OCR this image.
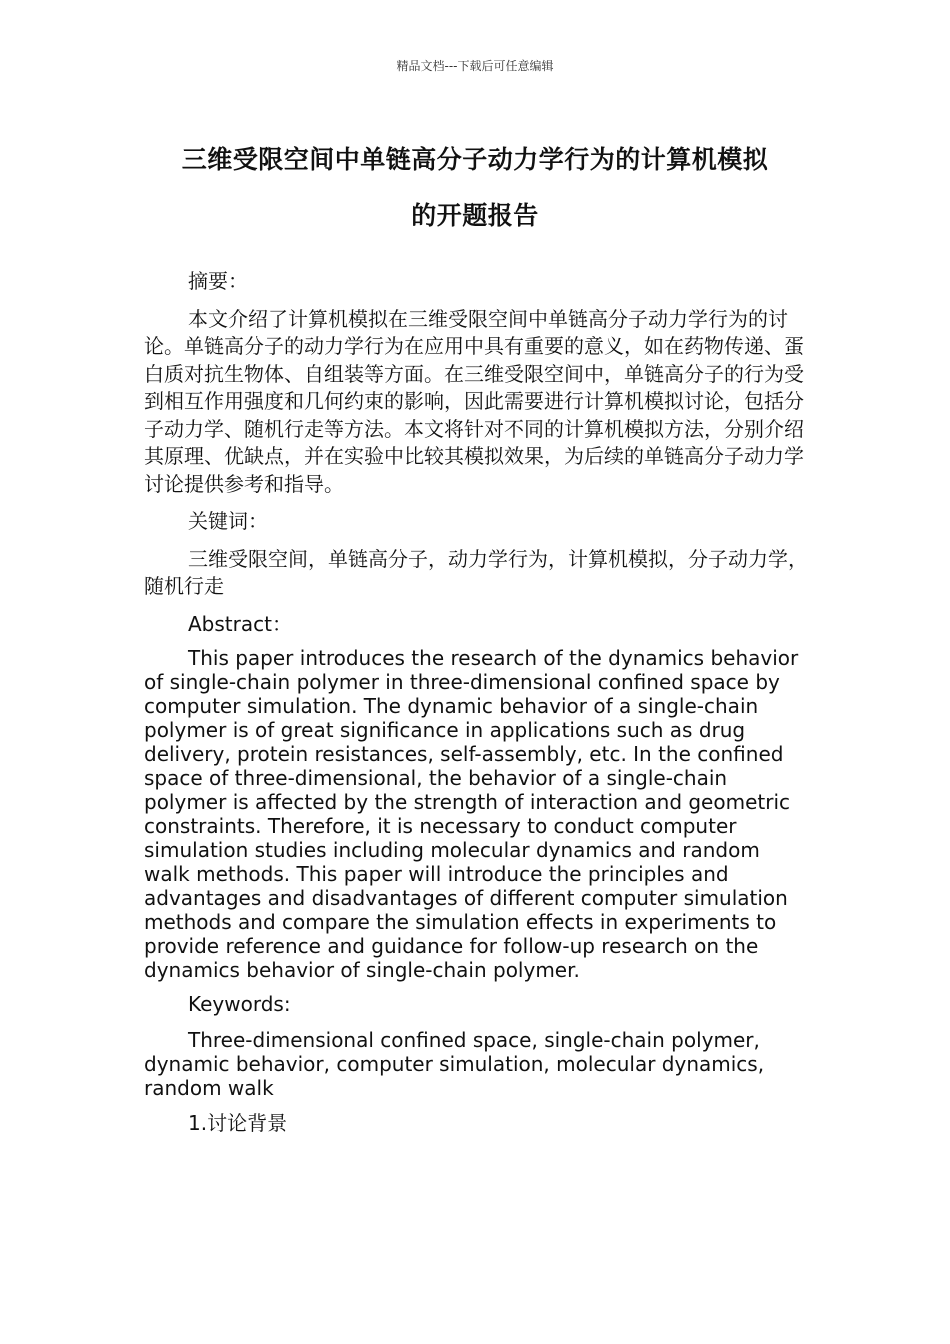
精品文档---下载后可任意编辑
三维受限空间中单链高分子动力学行为的计算机模拟
的开题报告

摘要：

本文介绍了计算机模拟在三维受限空间中单链高分子动力学行为的讨论。单链高分子的动力学行为在应用中具有重要的意义，如在药物传递、蛋白质对抗生物体、自组装等方面。在三维受限空间中，单链高分子的行为受到相互作用强度和几何约束的影响，因此需要进行计算机模拟讨论，包括分子动力学、随机行走等方法。本文将针对不同的计算机模拟方法，分别介绍其原理、优缺点，并在实验中比较其模拟效果，为后续的单链高分子动力学讨论提供参考和指导。

关键词：

三维受限空间，单链高分子，动力学行为，计算机模拟，分子动力学，随机行走

Abstract：

This paper introduces the research of the dynamics behavior of single-chain polymer in three-dimensional confined space by computer simulation. The dynamic behavior of a single-chain polymer is of great significance in applications such as drug delivery, protein resistances, self-assembly, etc. In the confined space of three-dimensional, the behavior of a single-chain polymer is affected by the strength of interaction and geometric constraints. Therefore, it is necessary to conduct computer simulation studies including molecular dynamics and random walk methods. This paper will introduce the principles and advantages and disadvantages of different computer simulation methods and compare the simulation effects in experiments to provide reference and guidance for follow-up research on the dynamics behavior of single-chain polymer.

Keywords:

Three-dimensional confined space, single-chain polymer, dynamic behavior, computer simulation, molecular dynamics, random walk

1.讨论背景
